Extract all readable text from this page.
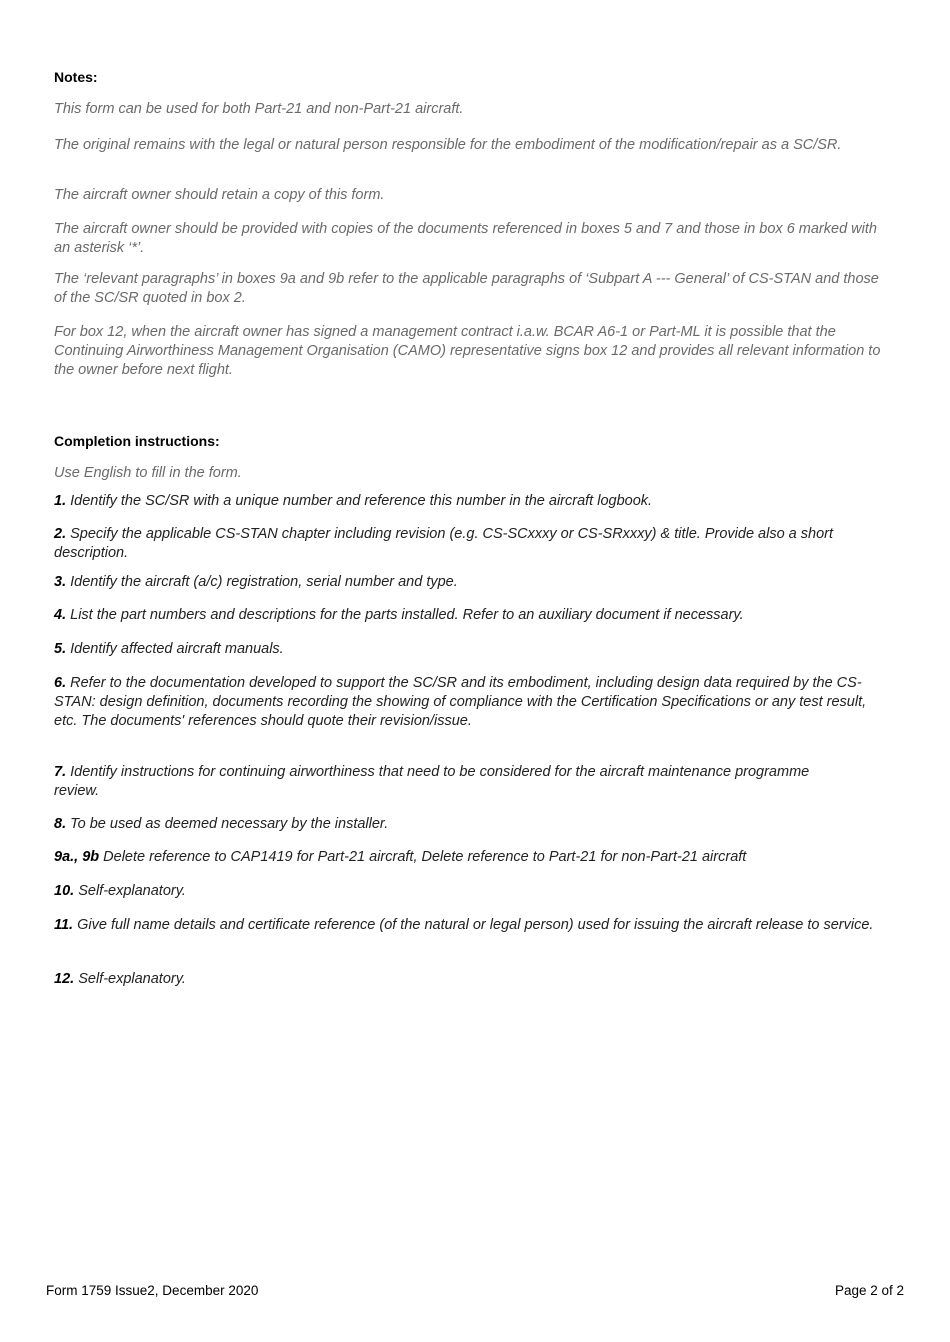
Notes:
This form can be used for both Part-21 and non-Part-21 aircraft.
The original remains with the legal or natural person responsible for the embodiment of the modification/repair as a SC/SR.
The aircraft owner should retain a copy of this form.
The aircraft owner should be provided with copies of the documents referenced in boxes 5 and 7 and those in box 6 marked with an asterisk ‘*’.
The ‘relevant paragraphs’ in boxes 9a and 9b refer to the applicable paragraphs of ‘Subpart A --- General’ of CS-STAN and those of the SC/SR quoted in box 2.
For box 12, when the aircraft owner has signed a management contract i.a.w. BCAR A6-1 or Part-ML it is possible that the Continuing Airworthiness Management Organisation (CAMO) representative signs box 12 and provides all relevant information to the owner before next flight.
Completion instructions:
Use English to fill in the form.
1. Identify the SC/SR with a unique number and reference this number in the aircraft logbook.
2. Specify the applicable CS-STAN chapter including revision (e.g. CS-SCxxxy or CS-SRxxxy) & title. Provide also a short description.
3. Identify the aircraft (a/c) registration, serial number and type.
4. List the part numbers and descriptions for the parts installed. Refer to an auxiliary document if necessary.
5. Identify affected aircraft manuals.
6. Refer to the documentation developed to support the SC/SR and its embodiment, including design data required by the CS-STAN: design definition, documents recording the showing of compliance with the Certification Specifications or any test result, etc. The documents' references should quote their revision/issue.
7. Identify instructions for continuing airworthiness that need to be considered for the aircraft maintenance programme review.
8. To be used as deemed necessary by the installer.
9a., 9b Delete reference to CAP1419 for Part-21 aircraft, Delete reference to Part-21 for non-Part-21 aircraft
10. Self-explanatory.
11. Give full name details and certificate reference (of the natural or legal person) used for issuing the aircraft release to service.
12. Self-explanatory.
Form 1759 Issue2, December 2020	Page 2 of 2
